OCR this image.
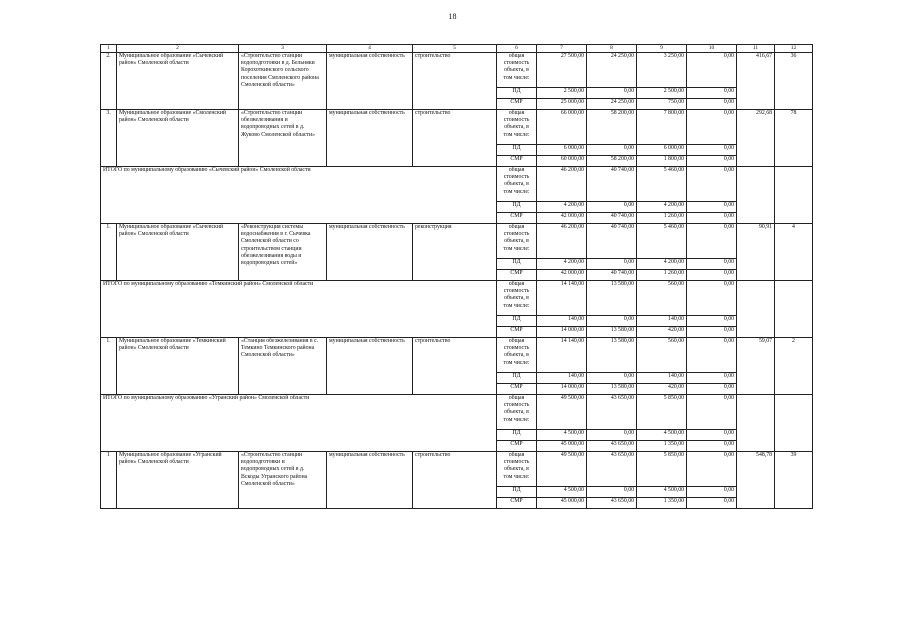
18
1	2	3	4	5	6	7	8	9	10	11	12
2.	Муниципальное образование «Сычевский район» Смоленской области	«Строительство станции водоподготовки в д. Бельняки Корохоткинского сельского поселения Смоленского района Смоленской области»	муниципальная собственность	строительство	общая стоимость объекта, в том числе:	27 500,00	24 250,00	3 250,00	0,00	416,67	36
					ПД	2 500,00	0,00	2 500,00	0,00		
					СМР	25 000,00	24 250,00	750,00	0,00		
3.	Муниципальное образование «Смоленский район» Смоленской области	«Строительство станции обезжелезивания и водопроводных сетей в д. Жуково Смоленской области»	муниципальная собственность	строительство	общая стоимость объекта, в том числе:	66 000,00	58 200,00	7 800,00	0,00	292,68	78
					ПД	6 000,00	0,00	6 000,00	0,00		
					СМР	60 000,00	58 200,00	1 800,00	0,00		
ИТОГО по муниципальному образованию «Сычевский район» Смоленской области					общая стоимость объекта, в том числе:	46 200,00	40 740,00	5 460,00	0,00		
					ПД	4 200,00	0,00	4 200,00	0,00		
					СМР	42 000,00	40 740,00	1 260,00	0,00		
1.	Муниципальное образование «Сычевский район» Смоленской области	«Реконструкция системы водоснабжения в г. Сычевка Смоленской области со строительством станции обезжелезивания воды и водопроводных сетей»	муниципальная собственность	реконструкция	общая стоимость объекта, в том числе:	46 200,00	40 740,00	5 460,00	0,00	90,91	4
					ПД	4 200,00	0,00	4 200,00	0,00		
					СМР	42 000,00	40 740,00	1 260,00	0,00		
ИТОГО по муниципальному образованию «Темкинский район» Смоленской области					общая стоимость объекта, в том числе:	14 140,00	13 580,00	560,00	0,00		
					ПД	140,00	0,00	140,00	0,00		
					СМР	14 000,00	13 580,00	420,00	0,00		
1.	Муниципальное образование «Темкинский район» Смоленской области	«Станция обезжелезивания в с. Темкино Темкинского района Смоленской области»	муниципальная собственность	строительство	общая стоимость объекта, в том числе:	14 140,00	13 580,00	560,00	0,00	59,07	2
					ПД	140,00	0,00	140,00	0,00		
					СМР	14 000,00	13 580,00	420,00	0,00		
ИТОГО по муниципальному образованию «Угранский район» Смоленской области					общая стоимость объекта, в том числе:	49 500,00	43 650,00	5 850,00	0,00		
					ПД	4 500,00	0,00	4 500,00	0,00		
					СМР	45 000,00	43 650,00	1 350,00	0,00		
1	Муниципальное образование «Угранский район» Смоленской области	«Строительство станции водоподготовки и водопроводных сетей в д. Вскоды Угранского района Смоленской области»	муниципальная собственность	строительство	общая стоимость объекта, в том числе:	49 500,00	43 650,00	5 850,00	0,00	548,78	39
					ПД	4 500,00	0,00	4 500,00	0,00		
					СМР	45 000,00	43 650,00	1 350,00	0,00		
